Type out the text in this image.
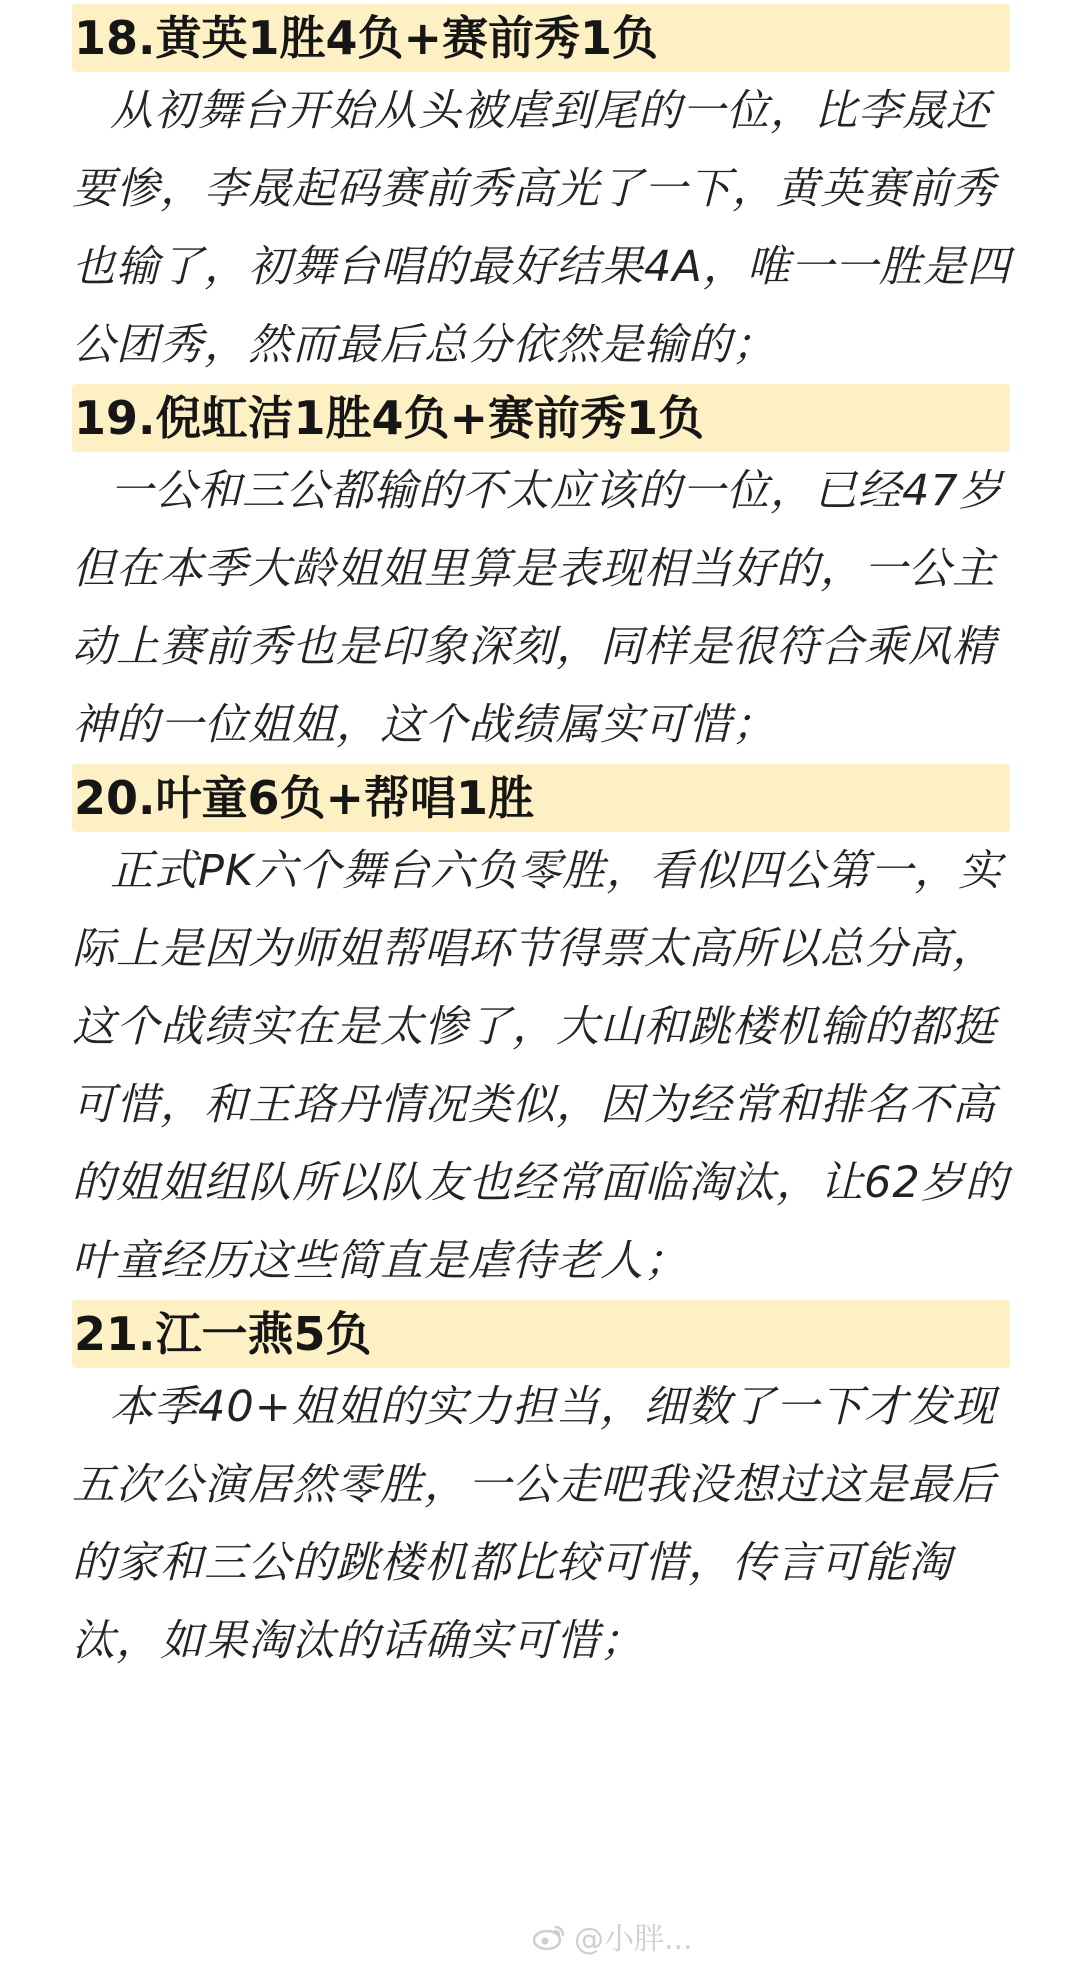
18.黄英1胜4负+赛前秀1负

从初舞台开始从头被虐到尾的一位，比李晟还要惨，李晟起码赛前秀高光了一下，黄英赛前秀也输了，初舞台唱的最好结果4A，唯一一胜是四公团秀，然而最后总分依然是输的；

19.倪虹洁1胜4负+赛前秀1负

一公和三公都输的不太应该的一位，已经47岁但在本季大龄姐姐里算是表现相当好的，一公主动上赛前秀也是印象深刻，同样是很符合乘风精神的一位姐姐，这个战绩属实可惜；

20.叶童6负+帮唱1胜

正式PK六个舞台六负零胜，看似四公第一，实际上是因为师姐帮唱环节得票太高所以总分高，这个战绩实在是太惨了，大山和跳楼机输的都挺可惜，和王珞丹情况类似，因为经常和排名不高的姐姐组队所以队友也经常面临淘汰，让62岁的叶童经历这些简直是虐待老人；

21.江一燕5负

本季40+姐姐的实力担当，细数了一下才发现五次公演居然零胜，一公走吧我没想过这是最后的家和三公的跳楼机都比较可惜，传言可能淘汰，如果淘汰的话确实可惜；

@小胖...
